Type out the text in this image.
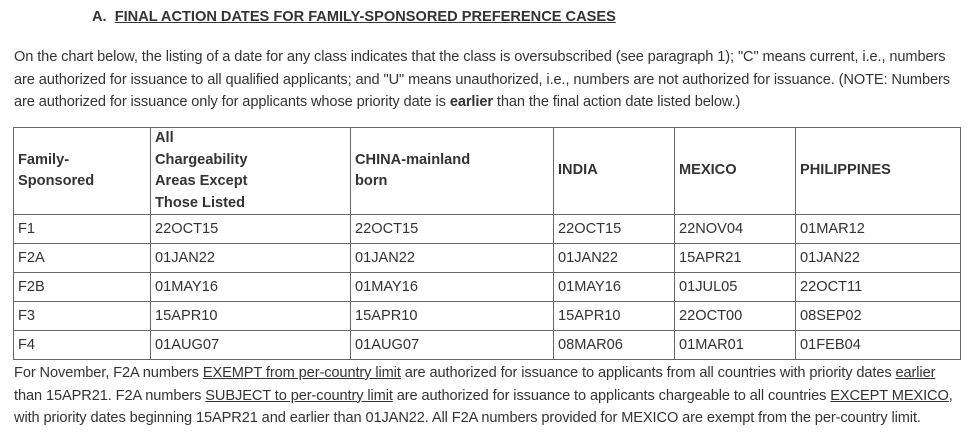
A. FINAL ACTION DATES FOR FAMILY-SPONSORED PREFERENCE CASES
On the chart below, the listing of a date for any class indicates that the class is oversubscribed (see paragraph 1); "C" means current, i.e., numbers are authorized for issuance to all qualified applicants; and "U" means unauthorized, i.e., numbers are not authorized for issuance. (NOTE: Numbers are authorized for issuance only for applicants whose priority date is earlier than the final action date listed below.)
Family-Sponsored	All Chargeability Areas Except Those Listed	CHINA-mainland born	INDIA	MEXICO	PHILIPPINES
F1	22OCT15	22OCT15	22OCT15	22NOV04	01MAR12
F2A	01JAN22	01JAN22	01JAN22	15APR21	01JAN22
F2B	01MAY16	01MAY16	01MAY16	01JUL05	22OCT11
F3	15APR10	15APR10	15APR10	22OCT00	08SEP02
F4	01AUG07	01AUG07	08MAR06	01MAR01	01FEB04
For November, F2A numbers EXEMPT from per-country limit are authorized for issuance to applicants from all countries with priority dates earlier than 15APR21. F2A numbers SUBJECT to per-country limit are authorized for issuance to applicants chargeable to all countries EXCEPT MEXICO, with priority dates beginning 15APR21 and earlier than 01JAN22. All F2A numbers provided for MEXICO are exempt from the per-country limit.
